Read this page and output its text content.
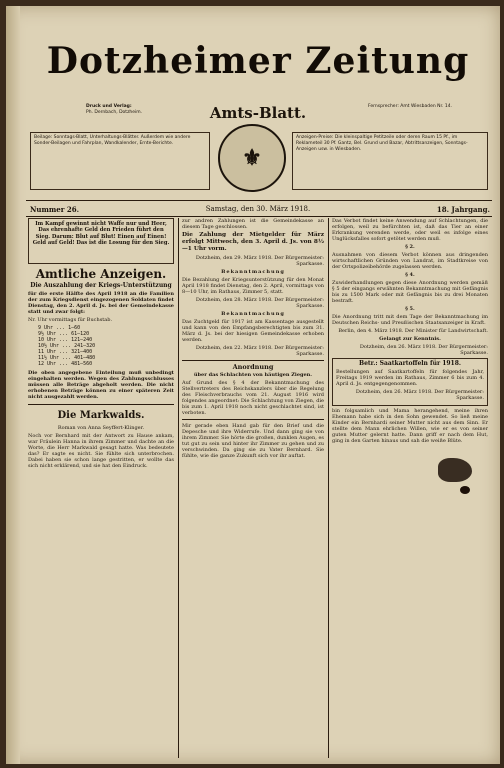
Dotzheimer Zeitung
Druck und Verlag:
Ph. Dernbach, Dotzheim.	Amts-Blatt.	Fernsprecher: Amt Wiesbaden Nr. 14.
Beilage: Sonntags-Blatt, Unterhaltungs-Blätter. Außerdem wie andere Sonder-Beilagen und Fahrplan, Wandkalender, Ernte-Berichte.
⚜
Anzeigen-Preise: Die kleinspaltige Petitzeile oder deren Raum 15 Pf., im Reklameteil 30 Pf. Gantz, Bel. Grund und Bazar, Abtrittsanzeigen, Sonntags-Anzeigen usw. in Wiesbaden.
Nummer 26.	Samstag, den 30. März 1918.	18. Jahrgang.
Im Kampf gewinnt nicht Waffe nur und Heer, Das ehrenhafte Geld den Frieden führt den Sieg. Darum: Blut auf Blut! Einen auf Einen! Geld auf Geld! Das ist die Losung für den Sieg.
Amtliche Anzeigen.

Die Auszahlung der Kriegs-Unterstützung

für die erste Hälfte des April 1918 an die Familien der zum Kriegsdienst eingezogenen Soldaten findet Dienstag, den 2. April d. Js. bei der Gemeindekasse statt und zwar folgt:

Nr. Uhr vormittags für Buchstab.

9 Uhr ... 1—60
9½ Uhr ... 61—120
10 Uhr ... 121—240
10½ Uhr ... 241—320
11 Uhr ... 321—400
11½ Uhr ... 401—480
12 Uhr ... 481—560

Die oben angegebene Einteilung muß unbedingt eingehalten werden. Wegen des Zahlungsschlusses müssen alle Beträge abgeholt werden. Die nicht erhobenen Beträge können zu einer späteren Zeit nicht ausgezahlt werden.

Die Markwalds.

Roman von Anna Seyffert-Klinger.

Noch vor Bernhard mit der Antwort zu Hause ankam, war Fräulein Hanna in ihrem Zimmer und dachte an die Worte, die Herr Markwald gesagt hatte. Was bedeutete das? Er sagte es nicht. Sie fühlte sich unterbrochen. Dabei haben sie schon lange gestritten, er wollte das sich nicht erklärend, und sie hat den Eindruck.

zur andren Zahlungen ist die Gemeindekasse an diesem Tage geschlossen.

Die Zahlung der Mietgelder für März erfolgt Mittwoch, den 3. April d. Js. von 8½—1 Uhr vorm.

Dotzheim, den 29. März 1918. Der Bürgermeister: Sparkasse.

Bekanntmachung

Die Bezahlung der Kriegsunterstützung für den Monat April 1918 findet Dienstag, den 2. April, vormittags von 8—10 Uhr, im Rathaus, Zimmer 5, statt.

Dotzheim, den 28. März 1918. Der Bürgermeister: Sparkasse.

Bekanntmachung

Das Zuchtgeld für 1917 ist am Kassentage ausgestellt und kann von den Empfangsberechtigten bis zum 31. März d. Js. bei der hiesigen Gemeindekasse erhoben werden.

Dotzheim, den 22. März 1918. Der Bürgermeister: Sparkasse.

Anordnung

über das Schlachten von häutigen Ziegen.

Auf Grund des § 4 der Bekanntmachung des Stellvertreters des Reichskanzlers über die Regelung des Fleischverbrauchs vom 21. August 1916 wird folgendes angeordnet: Die Schlachtung von Ziegen, die bis zum 1. April 1918 noch nicht geschlachtet sind, ist verboten.

Mir gerade eben Hand gab für den Brief und die Depesche und ihre Widerrufe. Und dann ging sie von ihrem Zimmer. Sie hörte die großen, dunklen Augen, es tut gut zu sein und hinter ihr Zimmer zu gehen und zu verschwinden. Da ging sie zu Vater Bernhard. Sie fühlte, wie die ganze Zukunft sich vor ihr auftat.

Das Verbot findet keine Anwendung auf Schlachtungen, die erfolgen, weil zu befürchten ist, daß das Tier an einer Erkrankung verenden werde, oder weil es infolge eines Unglücksfalles sofort getötet werden muß.

§ 2.

Ausnahmen von diesem Verbot können aus dringenden wirtschaftlichen Gründen von Landrat, im Stadtkreise von der Ortspolizeibehörde zugelassen werden.

§ 4.

Zuwiderhandlungen gegen diese Anordnung werden gemäß § 5 der eingangs erwähnten Bekanntmachung mit Gefängnis bis zu 1500 Mark oder mit Gefängnis bis zu drei Monaten bestraft.

§ 5.

Die Anordnung tritt mit dem Tage der Bekanntmachung im Deutschen Reichs- und Preußischen Staatsanzeiger in Kraft.

Berlin, den 4. März 1918. Der Minister für Landwirtschaft.

Gelangt zur Kenntnis.

Dotzheim, den 26. März 1918. Der Bürgermeister: Sparkasse.

Betr.: Saatkartoffeln für 1918.

Bestellungen auf Saatkartoffeln für folgendes Jahr, Freitags 1919 werden im Rathaus, Zimmer 6 bis zum 4. April d. Js. entgegengenommen.

Dotzheim, den 26. März 1918. Der Bürgermeister: Sparkasse.

bin folgsamlich und Mama herangehend, meine ihren Ehemann habe sich in den Sohn gewendet. So ließ meine Kinder ein Bernhardi seiner Mutter nicht aus dem Sinn. Er stellte dem Mann ehrlichen Willen, wie er es von seiner guten Mutter gelernt hatte. Dann griff er nach dem Hut, ging in den Garten hinaus und sah die weiße Blüte.
